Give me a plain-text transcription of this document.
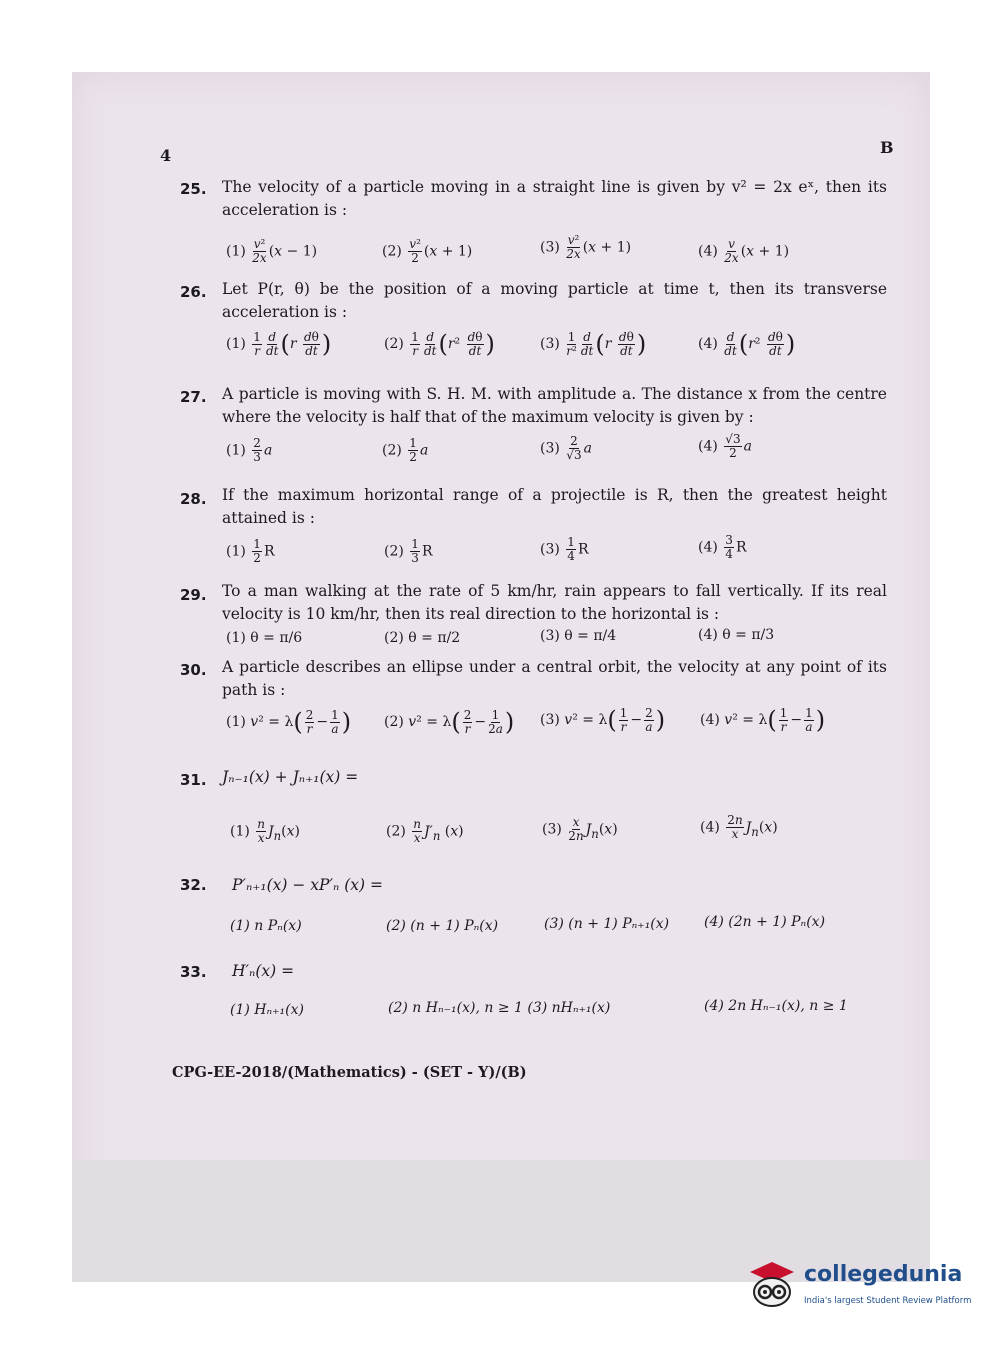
4	B
25. The velocity of a particle moving in a straight line is given by v² = 2x eˣ, then its acceleration is :
$(1) \frac{\text{v²}}{2x} (x - 1)$	$(2) \frac{\text{v²}}{2} (x + 1)$	$(3) \frac{\text{v²}}{2x} (x + 1)$	$(4) \frac{v}{2x} (x + 1)$
26. Let P(r, θ) be the position of a moving particle at time t, then its transverse acceleration is :
$(1) \frac{1}{r} \frac{d}{dt} (r \frac{d\theta}{dt}$ )	$(2) \frac{1}{r} \frac{d}{dt} (r^2 \frac{d\theta}{dt}$ )	$(3) \frac{1}{\text{r²}} \frac{d}{dt} (r \frac{d\theta}{dt}$ )	$(4) \frac{d}{dt} (r^2 \frac{d\theta}{dt}$ )
27. A particle is moving with S. H. M. with amplitude a. The distance x from the centre where the velocity is half that of the maximum velocity is given by :
$(1) \frac{2}{3}$ a	$(2) \frac{1}{2}$ a	$(3) \frac{2}{√3}$ a	$(4) \frac{√3}{2}$ a
28. If the maximum horizontal range of a projectile is R, then the greatest height attained is :
$(1) \frac{1}{2}$ R	$(2) \frac{1}{3}$ R	$(3) \frac{1}{4}$ R	$(4) \frac{3}{4}$ R
29. To a man walking at the rate of 5 km/hr, rain appears to fall vertically. If its real velocity is 10 km/hr, then its real direction to the horizontal is :
(1) θ = π/6	(2) θ = π/2	(3) θ = π/4	(4) θ = π/3
30. A particle describes an ellipse under a central orbit, the velocity at any point of its path is :
(1) $v^2 = \lambda( \frac{2}{r} - \frac{1}{a}$ ) (2) $v^2 = \lambda( \frac{2}{r} - \frac{1}{2a}$ ) (3) $v^2 = \lambda( \frac{1}{r} - \frac{2}{a}$ ) (4) $v^2 = \lambda( \frac{1}{r} - \frac{1}{a}$ )
31. Jₙ₋₁(x) + Jₙ₊₁(x) =
$(1) \frac{n}{x} J_n(x)$	$(2) \frac{n}{x} J'_n$ (x)	$(3) \frac{x}{2n} J_n(x)$	$(4) \frac{2n}{x} J_n(x)$
32. P′ₙ₊₁(x) − xP′ₙ (x) =
(1) n Pₙ(x)	(2) (n + 1) Pₙ(x)	(3) (n + 1) Pₙ₊₁(x) (4) (2n + 1) Pₙ(x)
33. H′ₙ(x) =
(1) Hₙ₊₁(x)	(2) n Hₙ₋₁(x), n ≥ 1 (3) nHₙ₊₁(x)	(4) 2n Hₙ₋₁(x), n ≥ 1
CPG-EE-2018/(Mathematics) - (SET - Y)/(B)
collegedunia
India's largest Student Review Platform
